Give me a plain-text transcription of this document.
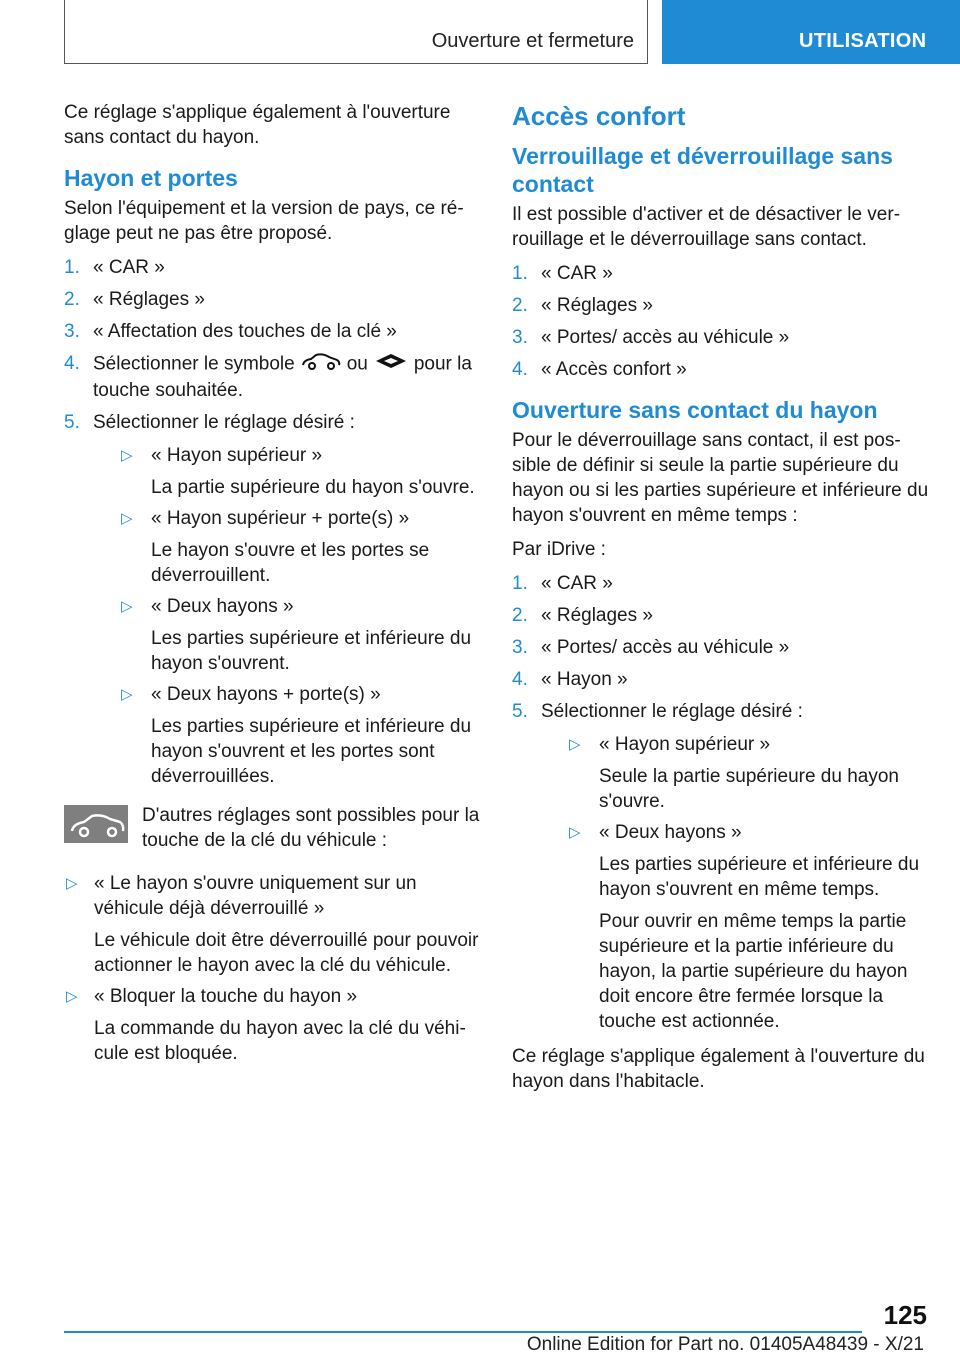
Ouverture et fermeture	UTILISATION

Ce réglage s'applique également à l'ouverture sans contact du hayon.

Hayon et portes

Selon l'équipement et la version de pays, ce réglage peut ne pas être proposé.

1. « CAR »
2. « Réglages »
3. « Affectation des touches de la clé »
4. Sélectionner le symbole	ou pour la touche souhaitée.
5. Sélectionner le réglage désiré :
▷ « Hayon supérieur »
La partie supérieure du hayon s'ouvre.
▷ « Hayon supérieur + porte(s) »
Le hayon s'ouvre et les portes se déverrouillent.
▷ « Deux hayons »
Les parties supérieure et inférieure du hayon s'ouvrent.
▷ « Deux hayons + porte(s) »
Les parties supérieure et inférieure du hayon s'ouvrent et les portes sont déverrouillées.
D'autres réglages sont possibles pour la touche de la clé du véhicule :
▷ « Le hayon s'ouvre uniquement sur un véhicule déjà déverrouillé »
Le véhicule doit être déverrouillé pour pouvoir actionner le hayon avec la clé du véhicule.
▷ « Bloquer la touche du hayon »
La commande du hayon avec la clé du véhicule est bloquée.
Accès confort
Verrouillage et déverrouillage sans contact

Il est possible d'activer et de désactiver le verrouillage et le déverrouillage sans contact.

1. « CAR »
2. « Réglages »
3. « Portes/ accès au véhicule »
4. « Accès confort »
Ouverture sans contact du hayon

Pour le déverrouillage sans contact, il est possible de définir si seule la partie supérieure du hayon ou si les parties supérieure et inférieure du hayon s'ouvrent en même temps :

Par iDrive :

1. « CAR »
2. « Réglages »
3. « Portes/ accès au véhicule »
4. « Hayon »
5. Sélectionner le réglage désiré :
▷ « Hayon supérieur »
Seule la partie supérieure du hayon s'ouvre.
▷ « Deux hayons »
Les parties supérieure et inférieure du hayon s'ouvrent en même temps.
Pour ouvrir en même temps la partie supérieure et la partie inférieure du hayon, la partie supérieure du hayon doit encore être fermée lorsque la touche est actionnée.

Ce réglage s'applique également à l'ouverture du hayon dans l'habitacle.

125
Online Edition for Part no. 01405A48439 - X/21
